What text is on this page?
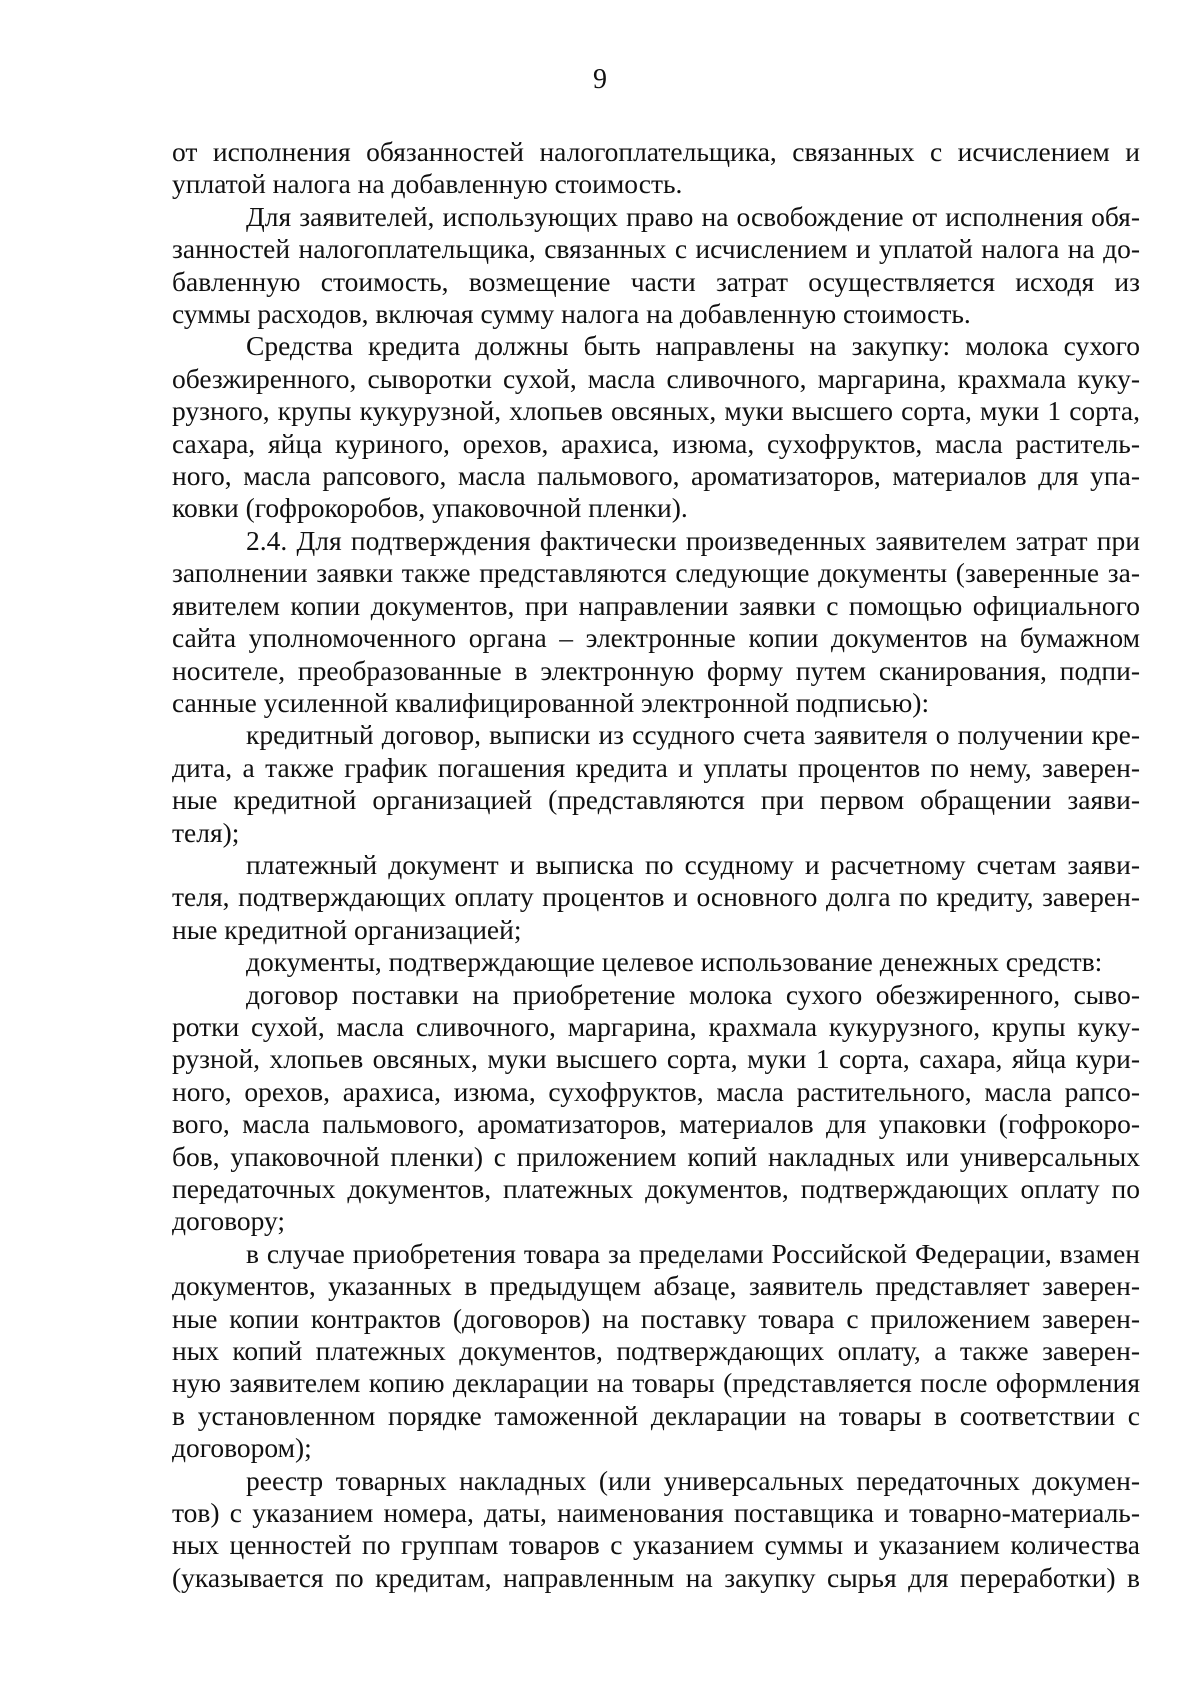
9
от исполнения обязанностей налогоплательщика, связанных с исчислением и
уплатой налога на добавленную стоимость.
Для заявителей, использующих право на освобождение от исполнения обя-
занностей налогоплательщика, связанных с исчислением и уплатой налога на до-
бавленную стоимость, возмещение части затрат осуществляется исходя из
суммы расходов, включая сумму налога на добавленную стоимость.
Средства кредита должны быть направлены на закупку: молока сухого
обезжиренного, сыворотки сухой, масла сливочного, маргарина, крахмала куку-
рузного, крупы кукурузной, хлопьев овсяных, муки высшего сорта, муки 1 сорта,
сахара, яйца куриного, орехов, арахиса, изюма, сухофруктов, масла раститель-
ного, масла рапсового, масла пальмового, ароматизаторов, материалов для упа-
ковки (гофрокоробов, упаковочной пленки).
2.4. Для подтверждения фактически произведенных заявителем затрат при
заполнении заявки также представляются следующие документы (заверенные за-
явителем копии документов, при направлении заявки с помощью официального
сайта уполномоченного органа – электронные копии документов на бумажном
носителе, преобразованные в электронную форму путем сканирования, подпи-
санные усиленной квалифицированной электронной подписью):
кредитный договор, выписки из ссудного счета заявителя о получении кре-
дита, а также график погашения кредита и уплаты процентов по нему, заверен-
ные кредитной организацией (представляются при первом обращении заяви-
теля);
платежный документ и выписка по ссудному и расчетному счетам заяви-
теля, подтверждающих оплату процентов и основного долга по кредиту, заверен-
ные кредитной организацией;
документы, подтверждающие целевое использование денежных средств:
договор поставки на приобретение молока сухого обезжиренного, сыво-
ротки сухой, масла сливочного, маргарина, крахмала кукурузного, крупы куку-
рузной, хлопьев овсяных, муки высшего сорта, муки 1 сорта, сахара, яйца кури-
ного, орехов, арахиса, изюма, сухофруктов, масла растительного, масла рапсо-
вого, масла пальмового, ароматизаторов, материалов для упаковки (гофрокоро-
бов, упаковочной пленки) с приложением копий накладных или универсальных
передаточных документов, платежных документов, подтверждающих оплату по
договору;
в случае приобретения товара за пределами Российской Федерации, взамен
документов, указанных в предыдущем абзаце, заявитель представляет заверен-
ные копии контрактов (договоров) на поставку товара с приложением заверен-
ных копий платежных документов, подтверждающих оплату, а также заверен-
ную заявителем копию декларации на товары (представляется после оформления
в установленном порядке таможенной декларации на товары в соответствии с
договором);
реестр товарных накладных (или универсальных передаточных докумен-
тов) с указанием номера, даты, наименования поставщика и товарно-материаль-
ных ценностей по группам товаров с указанием суммы и указанием количества
(указывается по кредитам, направленным на закупку сырья для переработки) в
